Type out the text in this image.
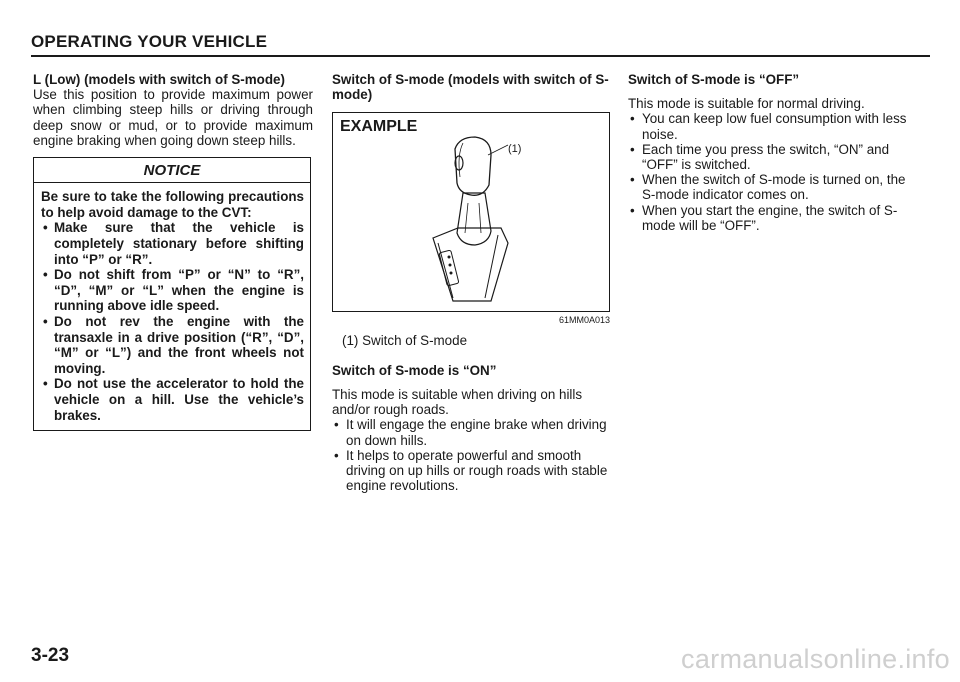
OPERATING YOUR VEHICLE

L (Low) (models with switch of S-mode)

Use this position to provide maximum power when climbing steep hills or driving through deep snow or mud, or to provide maximum engine braking when going down steep hills.

NOTICE

Be sure to take the following precautions to help avoid damage to the CVT:

• Make sure that the vehicle is completely stationary before shifting into “P” or “R”.
• Do not shift from “P” or “N” to “R”, “D”, “M” or “L” when the engine is running above idle speed.
• Do not rev the engine with the transaxle in a drive position (“R”, “D”, “M” or “L”) and the front wheels not moving.
• Do not use the accelerator to hold the vehicle on a hill. Use the vehicle’s brakes.

Switch of S-mode (models with switch of S-mode)

EXAMPLE
(1)
61MM0A013

(1) Switch of S-mode

Switch of S-mode is “ON”

This mode is suitable when driving on hills and/or rough roads.

• It will engage the engine brake when driving on down hills.
• It helps to operate powerful and smooth driving on up hills or rough roads with stable engine revolutions.

Switch of S-mode is “OFF”

This mode is suitable for normal driving.

• You can keep low fuel consumption with less noise.
• Each time you press the switch, “ON” and “OFF” is switched.
• When the switch of S-mode is turned on, the S-mode indicator comes on.
• When you start the engine, the switch of S-mode will be “OFF”.
3-23	carmanualsonline.info
